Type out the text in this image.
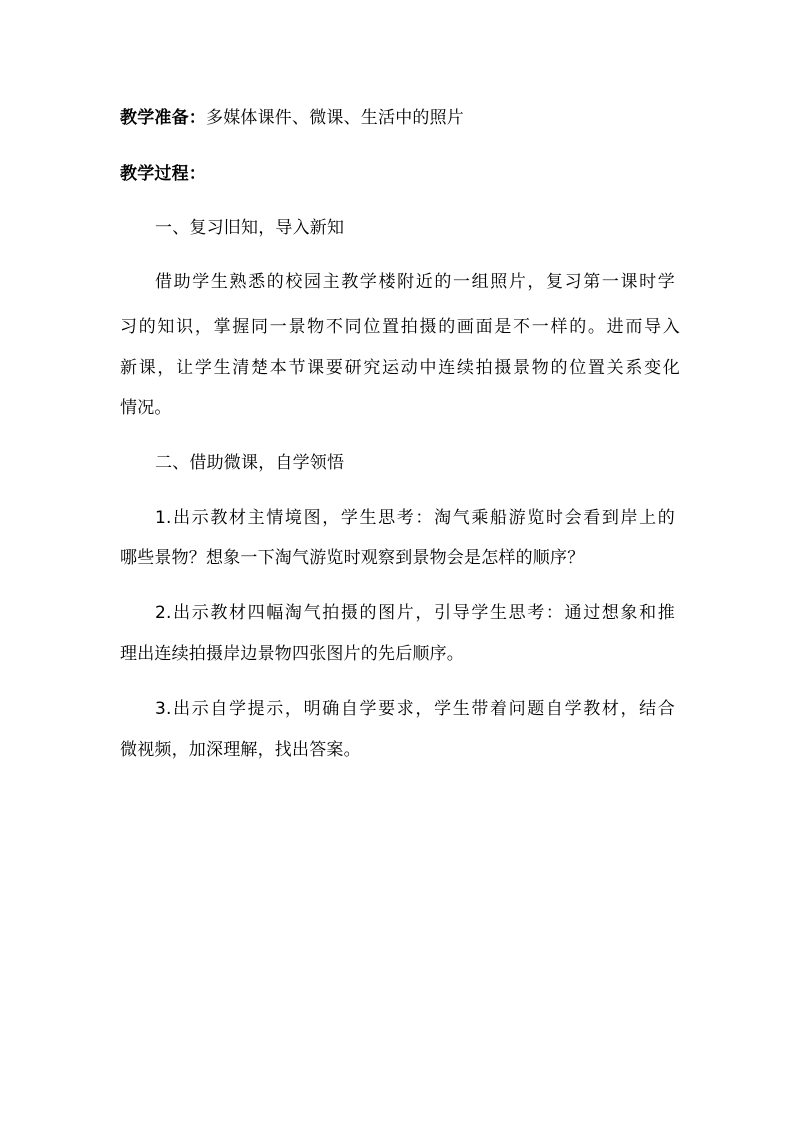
教学准备：多媒体课件、微课、生活中的照片
教学过程：
一、复习旧知，导入新知
借助学生熟悉的校园主教学楼附近的一组照片，复习第一课时学
习的知识，掌握同一景物不同位置拍摄的画面是不一样的。进而导入
新课，让学生清楚本节课要研究运动中连续拍摄景物的位置关系变化
情况。
二、借助微课，自学领悟
1.出示教材主情境图，学生思考：淘气乘船游览时会看到岸上的
哪些景物？想象一下淘气游览时观察到景物会是怎样的顺序？
2.出示教材四幅淘气拍摄的图片，引导学生思考：通过想象和推
理出连续拍摄岸边景物四张图片的先后顺序。
3.出示自学提示，明确自学要求，学生带着问题自学教材，结合
微视频，加深理解，找出答案。
